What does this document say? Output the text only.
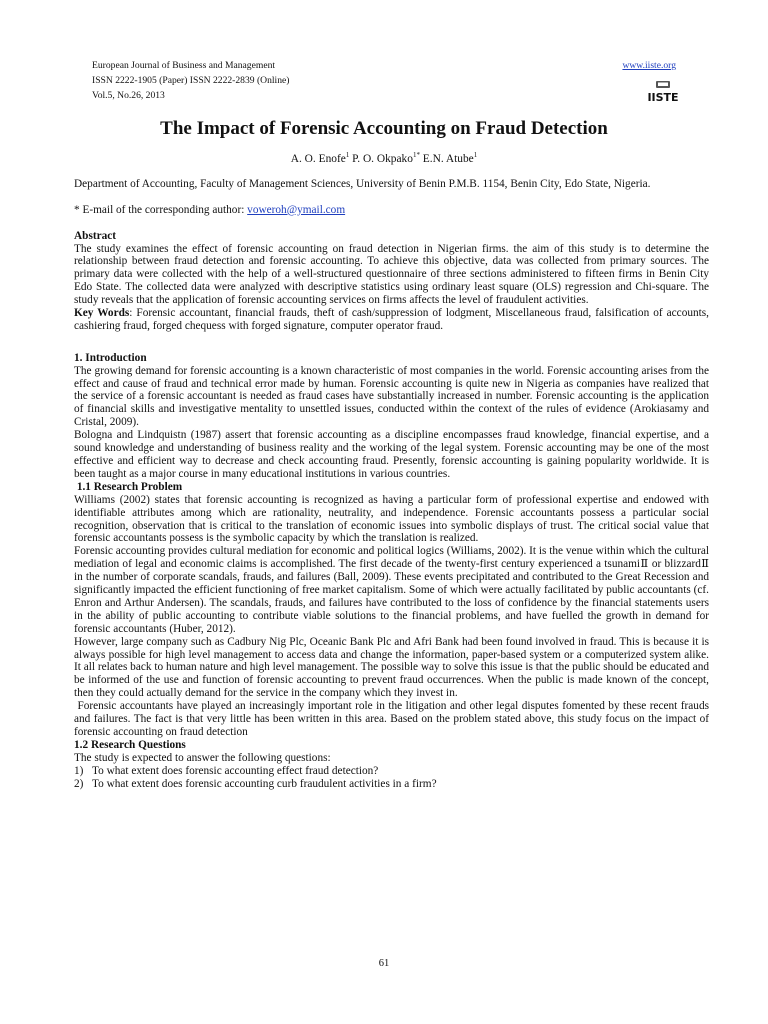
European Journal of Business and Management
ISSN 2222-1905 (Paper) ISSN 2222-2839 (Online)
Vol.5, No.26, 2013
www.iiste.org
IISTE
The Impact of Forensic Accounting on Fraud Detection
A. O. Enofe$^1$ P. O. Okpako$^{1*}$ E.N. Atube$^1$

Department of Accounting, Faculty of Management Sciences, University of Benin P.M.B. 1154, Benin City, Edo State, Nigeria.

* E-mail of the corresponding author: voweroh@ymail.com

Abstract

The study examines the effect of forensic accounting on fraud detection in Nigerian firms. the aim of this study is to determine the relationship between fraud detection and forensic accounting. To achieve this objective, data was collected from primary sources. The primary data were collected with the help of a well-structured questionnaire of three sections administered to fifteen firms in Benin City Edo State. The collected data were analyzed with descriptive statistics using ordinary least square (OLS) regression and Chi-square. The study reveals that the application of forensic accounting services on firms affects the level of fraudulent activities.

Key Words: Forensic accountant, financial frauds, theft of cash/suppression of lodgment, Miscellaneous fraud, falsification of accounts, cashiering fraud, forged chequess with forged signature, computer operator fraud.

1. Introduction

The growing demand for forensic accounting is a known characteristic of most companies in the world. Forensic accounting arises from the effect and cause of fraud and technical error made by human. Forensic accounting is quite new in Nigeria as companies have realized that the service of a forensic accountant is needed as fraud cases have substantially increased in number. Forensic accounting is the application of financial skills and investigative mentality to unsettled issues, conducted within the context of the rules of evidence (Arokiasamy and Cristal, 2009).

Bologna and Lindquistn (1987) assert that forensic accounting as a discipline encompasses fraud knowledge, financial expertise, and a sound knowledge and understanding of business reality and the working of the legal system. Forensic accounting may be one of the most effective and efficient way to decrease and check accounting fraud. Presently, forensic accounting is gaining popularity worldwide. It is been taught as a major course in many educational institutions in various countries.

1.1 Research Problem

Williams (2002) states that forensic accounting is recognized as having a particular form of professional expertise and endowed with identifiable attributes among which are rationality, neutrality, and independence. Forensic accountants possess a particular social recognition, observation that is critical to the translation of economic issues into symbolic displays of trust. The critical social value that forensic accountants possess is the symbolic capacity by which the translation is realized.

Forensic accounting provides cultural mediation for economic and political logics (Williams, 2002). It is the venue within which the cultural mediation of legal and economic claims is accomplished. The first decade of the twenty-first century experienced a tsunamiⅡ or blizzardⅡ in the number of corporate scandals, frauds, and failures (Ball, 2009). These events precipitated and contributed to the Great Recession and significantly impacted the efficient functioning of free market capitalism. Some of which were actually facilitated by public accountants (cf. Enron and Arthur Andersen). The scandals, frauds, and failures have contributed to the loss of confidence by the financial statements users in the ability of public accounting to contribute viable solutions to the financial problems, and have fuelled the growth in demand for forensic accountants (Huber, 2012).

However, large company such as Cadbury Nig Plc, Oceanic Bank Plc and Afri Bank had been found involved in fraud. This is because it is always possible for high level management to access data and change the information, paper-based system or a computerized system alike. It all relates back to human nature and high level management. The possible way to solve this issue is that the public should be educated and be informed of the use and function of forensic accounting to prevent fraud occurrences. When the public is made known of the concept, then they could actually demand for the service in the company which they invest in.

Forensic accountants have played an increasingly important role in the litigation and other legal disputes fomented by these recent frauds and failures. The fact is that very little has been written in this area. Based on the problem stated above, this study focus on the impact of forensic accounting on fraud detection

1.2 Research Questions

The study is expected to answer the following questions:

1) To what extent does forensic accounting effect fraud detection?
2) To what extent does forensic accounting curb fraudulent activities in a firm?
61
